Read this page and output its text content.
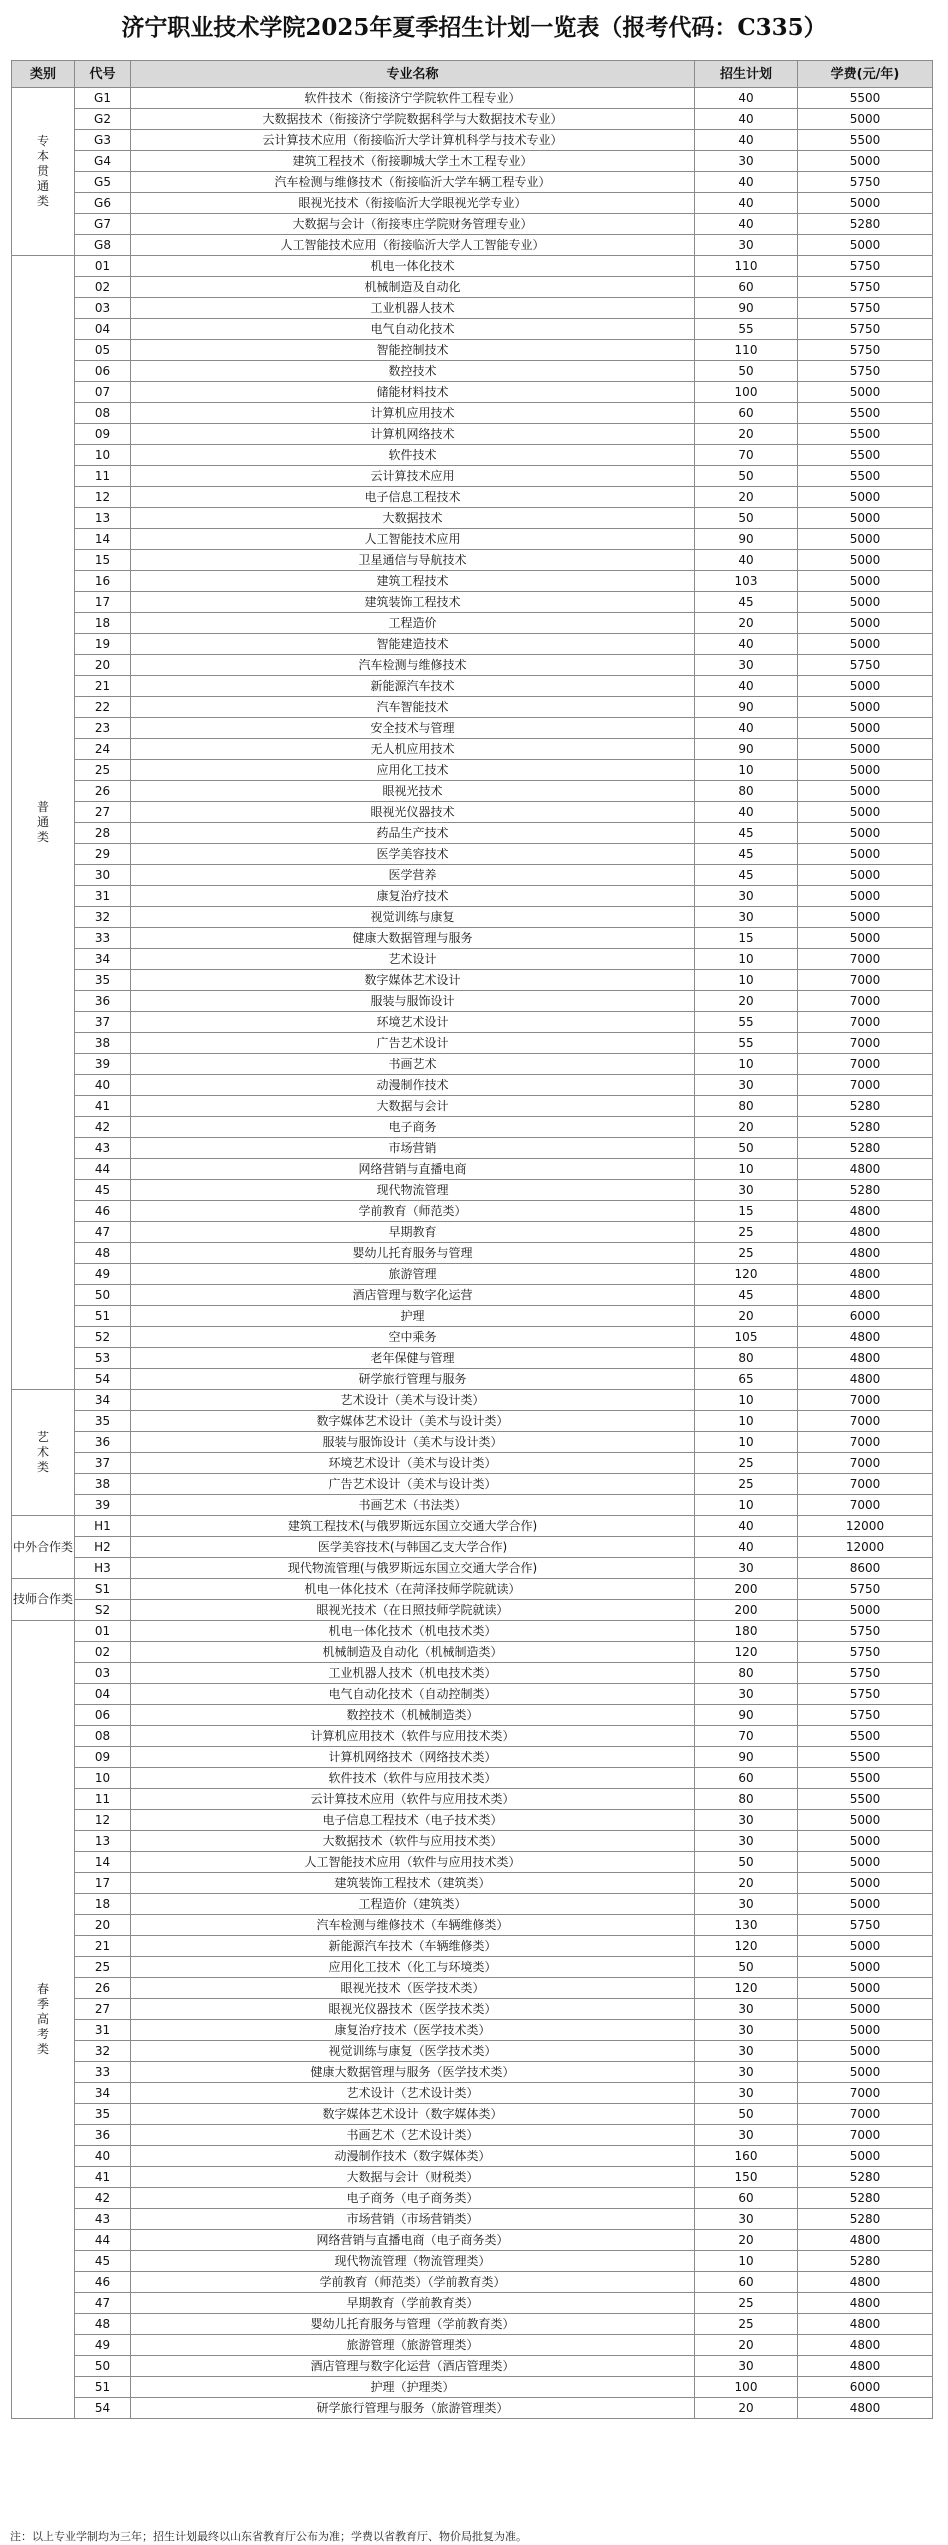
济宁职业技术学院2025年夏季招生计划一览表（报考代码：C335）
类别	代号	专业名称	招生计划	学费(元/年)
专
本
贯
通
类	G1	软件技术（衔接济宁学院软件工程专业）	40	5500
	G2	大数据技术（衔接济宁学院数据科学与大数据技术专业）	40	5000
	G3	云计算技术应用（衔接临沂大学计算机科学与技术专业）	40	5500
	G4	建筑工程技术（衔接聊城大学土木工程专业）	30	5000
	G5	汽车检测与维修技术（衔接临沂大学车辆工程专业）	40	5750
	G6	眼视光技术（衔接临沂大学眼视光学专业）	40	5000
	G7	大数据与会计（衔接枣庄学院财务管理专业）	40	5280
	G8	人工智能技术应用（衔接临沂大学人工智能专业）	30	5000
普
通
类	01	机电一体化技术	110	5750
	02	机械制造及自动化	60	5750
	03	工业机器人技术	90	5750
	04	电气自动化技术	55	5750
	05	智能控制技术	110	5750
	06	数控技术	50	5750
	07	储能材料技术	100	5000
	08	计算机应用技术	60	5500
	09	计算机网络技术	20	5500
	10	软件技术	70	5500
	11	云计算技术应用	50	5500
	12	电子信息工程技术	20	5000
	13	大数据技术	50	5000
	14	人工智能技术应用	90	5000
	15	卫星通信与导航技术	40	5000
	16	建筑工程技术	103	5000
	17	建筑装饰工程技术	45	5000
	18	工程造价	20	5000
	19	智能建造技术	40	5000
	20	汽车检测与维修技术	30	5750
	21	新能源汽车技术	40	5000
	22	汽车智能技术	90	5000
	23	安全技术与管理	40	5000
	24	无人机应用技术	90	5000
	25	应用化工技术	10	5000
	26	眼视光技术	80	5000
	27	眼视光仪器技术	40	5000
	28	药品生产技术	45	5000
	29	医学美容技术	45	5000
	30	医学营养	45	5000
	31	康复治疗技术	30	5000
	32	视觉训练与康复	30	5000
	33	健康大数据管理与服务	15	5000
	34	艺术设计	10	7000
	35	数字媒体艺术设计	10	7000
	36	服装与服饰设计	20	7000
	37	环境艺术设计	55	7000
	38	广告艺术设计	55	7000
	39	书画艺术	10	7000
	40	动漫制作技术	30	7000
	41	大数据与会计	80	5280
	42	电子商务	20	5280
	43	市场营销	50	5280
	44	网络营销与直播电商	10	4800
	45	现代物流管理	30	5280
	46	学前教育（师范类）	15	4800
	47	早期教育	25	4800
	48	婴幼儿托育服务与管理	25	4800
	49	旅游管理	120	4800
	50	酒店管理与数字化运营	45	4800
	51	护理	20	6000
	52	空中乘务	105	4800
	53	老年保健与管理	80	4800
	54	研学旅行管理与服务	65	4800
艺
术
类	34	艺术设计（美术与设计类）	10	7000
	35	数字媒体艺术设计（美术与设计类）	10	7000
	36	服装与服饰设计（美术与设计类）	10	7000
	37	环境艺术设计（美术与设计类）	25	7000
	38	广告艺术设计（美术与设计类）	25	7000
	39	书画艺术（书法类）	10	7000
中外合作类	H1	建筑工程技术(与俄罗斯远东国立交通大学合作)	40	12000
	H2	医学美容技术(与韩国乙支大学合作)	40	12000
	H3	现代物流管理(与俄罗斯远东国立交通大学合作)	30	8600
技师合作类	S1	机电一体化技术（在菏泽技师学院就读）	200	5750
	S2	眼视光技术（在日照技师学院就读）	200	5000
春
季
高
考
类	01	机电一体化技术（机电技术类）	180	5750
	02	机械制造及自动化（机械制造类）	120	5750
	03	工业机器人技术（机电技术类）	80	5750
	04	电气自动化技术（自动控制类）	30	5750
	06	数控技术（机械制造类）	90	5750
	08	计算机应用技术（软件与应用技术类）	70	5500
	09	计算机网络技术（网络技术类）	90	5500
	10	软件技术（软件与应用技术类）	60	5500
	11	云计算技术应用（软件与应用技术类）	80	5500
	12	电子信息工程技术（电子技术类）	30	5000
	13	大数据技术（软件与应用技术类）	30	5000
	14	人工智能技术应用（软件与应用技术类）	50	5000
	17	建筑装饰工程技术（建筑类）	20	5000
	18	工程造价（建筑类）	30	5000
	20	汽车检测与维修技术（车辆维修类）	130	5750
	21	新能源汽车技术（车辆维修类）	120	5000
	25	应用化工技术（化工与环境类）	50	5000
	26	眼视光技术（医学技术类）	120	5000
	27	眼视光仪器技术（医学技术类）	30	5000
	31	康复治疗技术（医学技术类）	30	5000
	32	视觉训练与康复（医学技术类）	30	5000
	33	健康大数据管理与服务（医学技术类）	30	5000
	34	艺术设计（艺术设计类）	30	7000
	35	数字媒体艺术设计（数字媒体类）	50	7000
	36	书画艺术（艺术设计类）	30	7000
	40	动漫制作技术（数字媒体类）	160	5000
	41	大数据与会计（财税类）	150	5280
	42	电子商务（电子商务类）	60	5280
	43	市场营销（市场营销类）	30	5280
	44	网络营销与直播电商（电子商务类）	20	4800
	45	现代物流管理（物流管理类）	10	5280
	46	学前教育（师范类）（学前教育类）	60	4800
	47	早期教育（学前教育类）	25	4800
	48	婴幼儿托育服务与管理（学前教育类）	25	4800
	49	旅游管理（旅游管理类）	20	4800
	50	酒店管理与数字化运营（酒店管理类）	30	4800
	51	护理（护理类）	100	6000
	54	研学旅行管理与服务（旅游管理类）	20	4800
注：以上专业学制均为三年；招生计划最终以山东省教育厅公布为准；学费以省教育厅、物价局批复为准。
